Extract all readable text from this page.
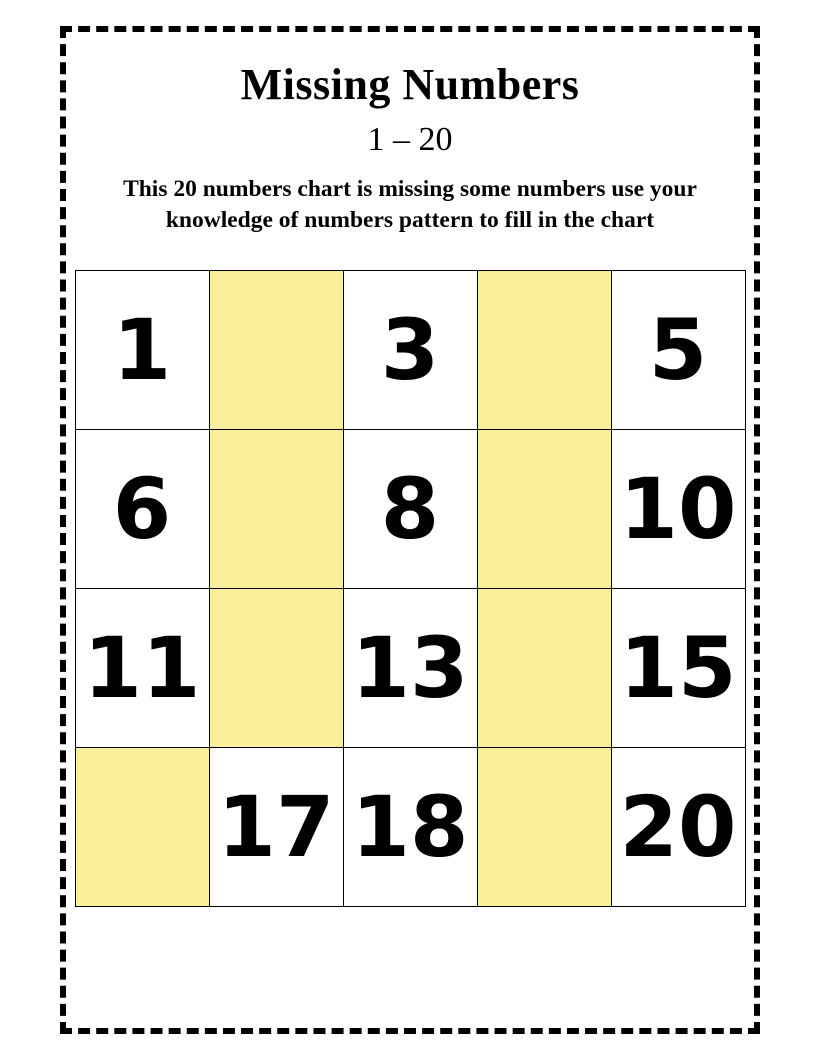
Missing Numbers
1 – 20
This 20 numbers chart is missing some numbers use your knowledge of numbers pattern to fill in the chart
1		3		5
6		8		10
11		13		15
	17	18		20
